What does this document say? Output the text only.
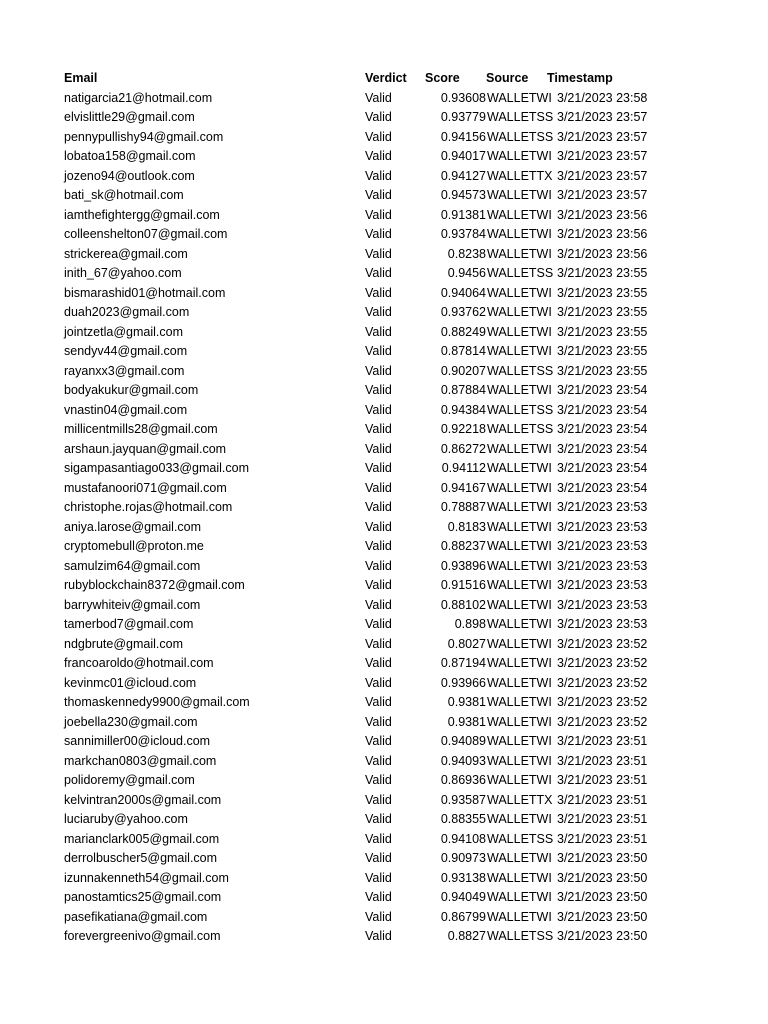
Email	Verdict Score Source Timestamp
natigarcia21@hotmail.com	Valid	0.93608 WALLETWI 3/21/2023 23:58
elvislittle29@gmail.com	Valid	0.93779 WALLETSS 3/21/2023 23:57
pennypullishy94@gmail.com	Valid	0.94156 WALLETSS 3/21/2023 23:57
lobatoa158@gmail.com	Valid	0.94017 WALLETWI 3/21/2023 23:57
jozeno94@outlook.com	Valid	0.94127 WALLETTX 3/21/2023 23:57
bati_sk@hotmail.com	Valid	0.94573 WALLETWI 3/21/2023 23:57
iamthefightergg@gmail.com	Valid	0.91381 WALLETWI 3/21/2023 23:56
colleenshelton07@gmail.com	Valid	0.93784 WALLETWI 3/21/2023 23:56
strickerea@gmail.com	Valid	0.8238 WALLETWI 3/21/2023 23:56
inith_67@yahoo.com	Valid	0.9456 WALLETSS 3/21/2023 23:55
bismarashid01@hotmail.com	Valid	0.94064 WALLETWI 3/21/2023 23:55
duah2023@gmail.com	Valid	0.93762 WALLETWI 3/21/2023 23:55
jointzetla@gmail.com	Valid	0.88249 WALLETWI 3/21/2023 23:55
sendyv44@gmail.com	Valid	0.87814 WALLETWI 3/21/2023 23:55
rayanxx3@gmail.com	Valid	0.90207 WALLETSS 3/21/2023 23:55
bodyakukur@gmail.com	Valid	0.87884 WALLETWI 3/21/2023 23:54
vnastin04@gmail.com	Valid	0.94384 WALLETSS 3/21/2023 23:54
millicentmills28@gmail.com	Valid	0.92218 WALLETSS 3/21/2023 23:54
arshaun.jayquan@gmail.com	Valid	0.86272 WALLETWI 3/21/2023 23:54
sigampasantiago033@gmail.com	Valid	0.94112 WALLETWI 3/21/2023 23:54
mustafanoori071@gmail.com	Valid	0.94167 WALLETWI 3/21/2023 23:54
christophe.rojas@hotmail.com	Valid	0.78887 WALLETWI 3/21/2023 23:53
aniya.larose@gmail.com	Valid	0.8183 WALLETWI 3/21/2023 23:53
cryptomebull@proton.me	Valid	0.88237 WALLETWI 3/21/2023 23:53
samulzim64@gmail.com	Valid	0.93896 WALLETWI 3/21/2023 23:53
rubyblockchain8372@gmail.com	Valid	0.91516 WALLETWI 3/21/2023 23:53
barrywhiteiv@gmail.com	Valid	0.88102 WALLETWI 3/21/2023 23:53
tamerbod7@gmail.com	Valid	0.898 WALLETWI 3/21/2023 23:53
ndgbrute@gmail.com	Valid	0.8027 WALLETWI 3/21/2023 23:52
francoaroldo@hotmail.com	Valid	0.87194 WALLETWI 3/21/2023 23:52
kevinmc01@icloud.com	Valid	0.93966 WALLETWI 3/21/2023 23:52
thomaskennedy9900@gmail.com	Valid	0.9381 WALLETWI 3/21/2023 23:52
joebella230@gmail.com	Valid	0.9381 WALLETWI 3/21/2023 23:52
sannimiller00@icloud.com	Valid	0.94089 WALLETWI 3/21/2023 23:51
markchan0803@gmail.com	Valid	0.94093 WALLETWI 3/21/2023 23:51
polidoremy@gmail.com	Valid	0.86936 WALLETWI 3/21/2023 23:51
kelvintran2000s@gmail.com	Valid	0.93587 WALLETTX 3/21/2023 23:51
luciaruby@yahoo.com	Valid	0.88355 WALLETWI 3/21/2023 23:51
marianclark005@gmail.com	Valid	0.94108 WALLETSS 3/21/2023 23:51
derrolbuscher5@gmail.com	Valid	0.90973 WALLETWI 3/21/2023 23:50
izunnakenneth54@gmail.com	Valid	0.93138 WALLETWI 3/21/2023 23:50
panostamtics25@gmail.com	Valid	0.94049 WALLETWI 3/21/2023 23:50
pasefikatiana@gmail.com	Valid	0.86799 WALLETWI 3/21/2023 23:50
forevergreenivo@gmail.com	Valid	0.8827 WALLETSS 3/21/2023 23:50
